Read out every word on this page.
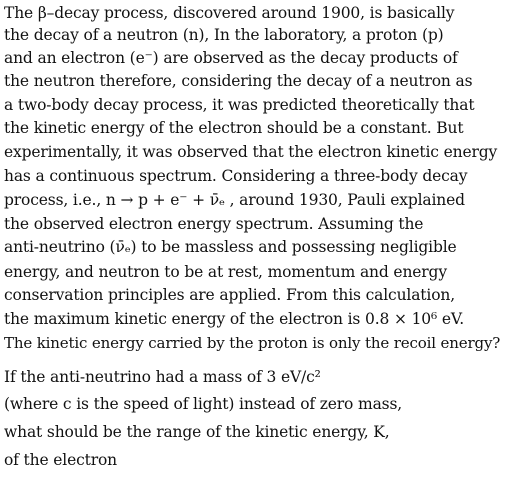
The β–decay process, discovered around 1900, is basically
the decay of a neutron (n), In the laboratory, a proton (p)
and an electron (e⁻) are observed as the decay products of
the neutron therefore, considering the decay of a neutron as
a two-body decay process, it was predicted theoretically that
the kinetic energy of the electron should be a constant. But
experimentally, it was observed that the electron kinetic energy
has a continuous spectrum. Considering a three-body decay
process, i.e., n → p + e⁻ + ν̄ₑ , around 1930, Pauli explained
the observed electron energy spectrum. Assuming the
anti-neutrino (ν̄ₑ) to be massless and possessing negligible
energy, and neutron to be at rest, momentum and energy
conservation principles are applied. From this calculation,
the maximum kinetic energy of the electron is 0.8 × 10⁶ eV.
The kinetic energy carried by the proton is only the recoil energy?
If the anti-neutrino had a mass of 3 eV/c²
(where c is the speed of light) instead of zero mass,
what should be the range of the kinetic energy, K,
of the electron
